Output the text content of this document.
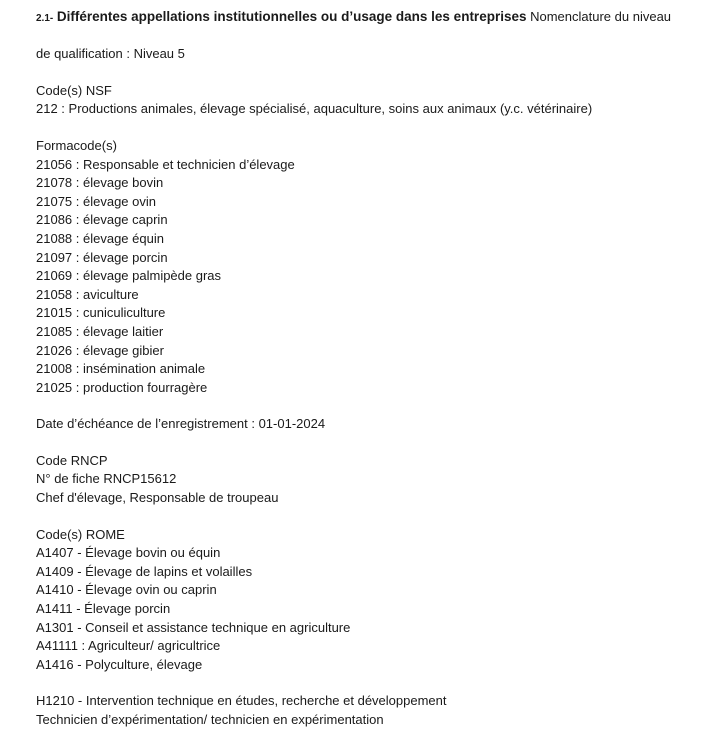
2.1- Différentes appellations institutionnelles ou d’usage dans les entreprises Nomenclature du niveau
de qualification : Niveau 5
Code(s) NSF
212 : Productions animales, élevage spécialisé, aquaculture, soins aux animaux (y.c. vétérinaire)
Formacode(s)
21056 : Responsable et technicien d’élevage
21078 : élevage bovin
21075 : élevage ovin
21086 : élevage caprin
21088 : élevage équin
21097 : élevage porcin
21069 : élevage palmipède gras
21058 : aviculture
21015 : cuniculiculture
21085 : élevage laitier
21026 : élevage gibier
21008 : insémination animale
21025 : production fourragère
Date d’échéance de l’enregistrement : 01-01-2024
Code RNCP
N° de fiche RNCP15612
Chef d'élevage, Responsable de troupeau
Code(s) ROME
A1407 - Élevage bovin ou équin
A1409 - Élevage de lapins et volailles
A1410 - Élevage ovin ou caprin
A1411 - Élevage porcin
A1301 - Conseil et assistance technique en agriculture
A41111 : Agriculteur/ agricultrice
A1416 - Polyculture, élevage
H1210 - Intervention technique en études, recherche et développement
Technicien d’expérimentation/ technicien en expérimentation
